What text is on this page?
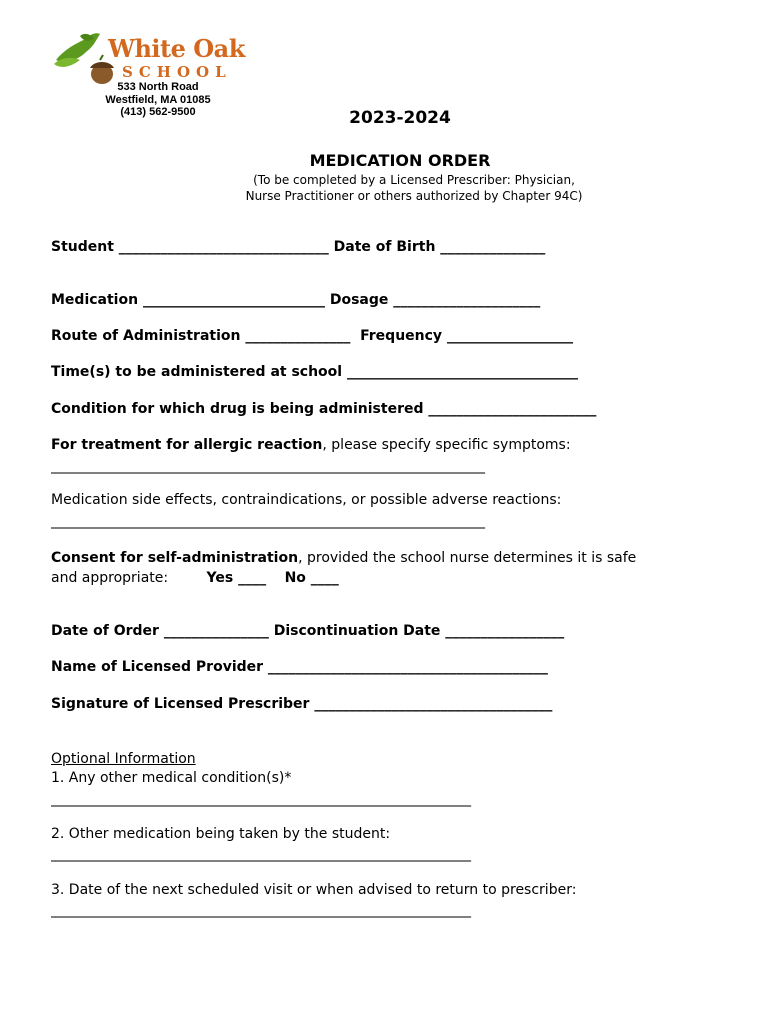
White Oak
SCHOOL
533 North Road
Westfield, MA 01085
(413) 562-9500	2023-2024
MEDICATION ORDER
(To be completed by a Licensed Prescriber: Physician,
Nurse Practitioner or others authorized by Chapter 94C)
Student ______________________________ Date of Birth _______________
Medication __________________________ Dosage _____________________
Route of Administration _______________ Frequency __________________
Time(s) to be administered at school _________________________________
Condition for which drug is being administered ________________________
For treatment for allergic reaction, please specify specific symptoms:
______________________________________________________________
Medication side effects, contraindications, or possible adverse reactions:
______________________________________________________________
Consent for self-administration, provided the school nurse determines it is safe
and appropriate:	Yes ____ No ____
Date of Order _______________ Discontinuation Date _________________
Name of Licensed Provider ________________________________________
Signature of Licensed Prescriber __________________________________
Optional Information
1. Any other medical condition(s)*
____________________________________________________________
2. Other medication being taken by the student:
____________________________________________________________
3. Date of the next scheduled visit or when advised to return to prescriber:
____________________________________________________________
